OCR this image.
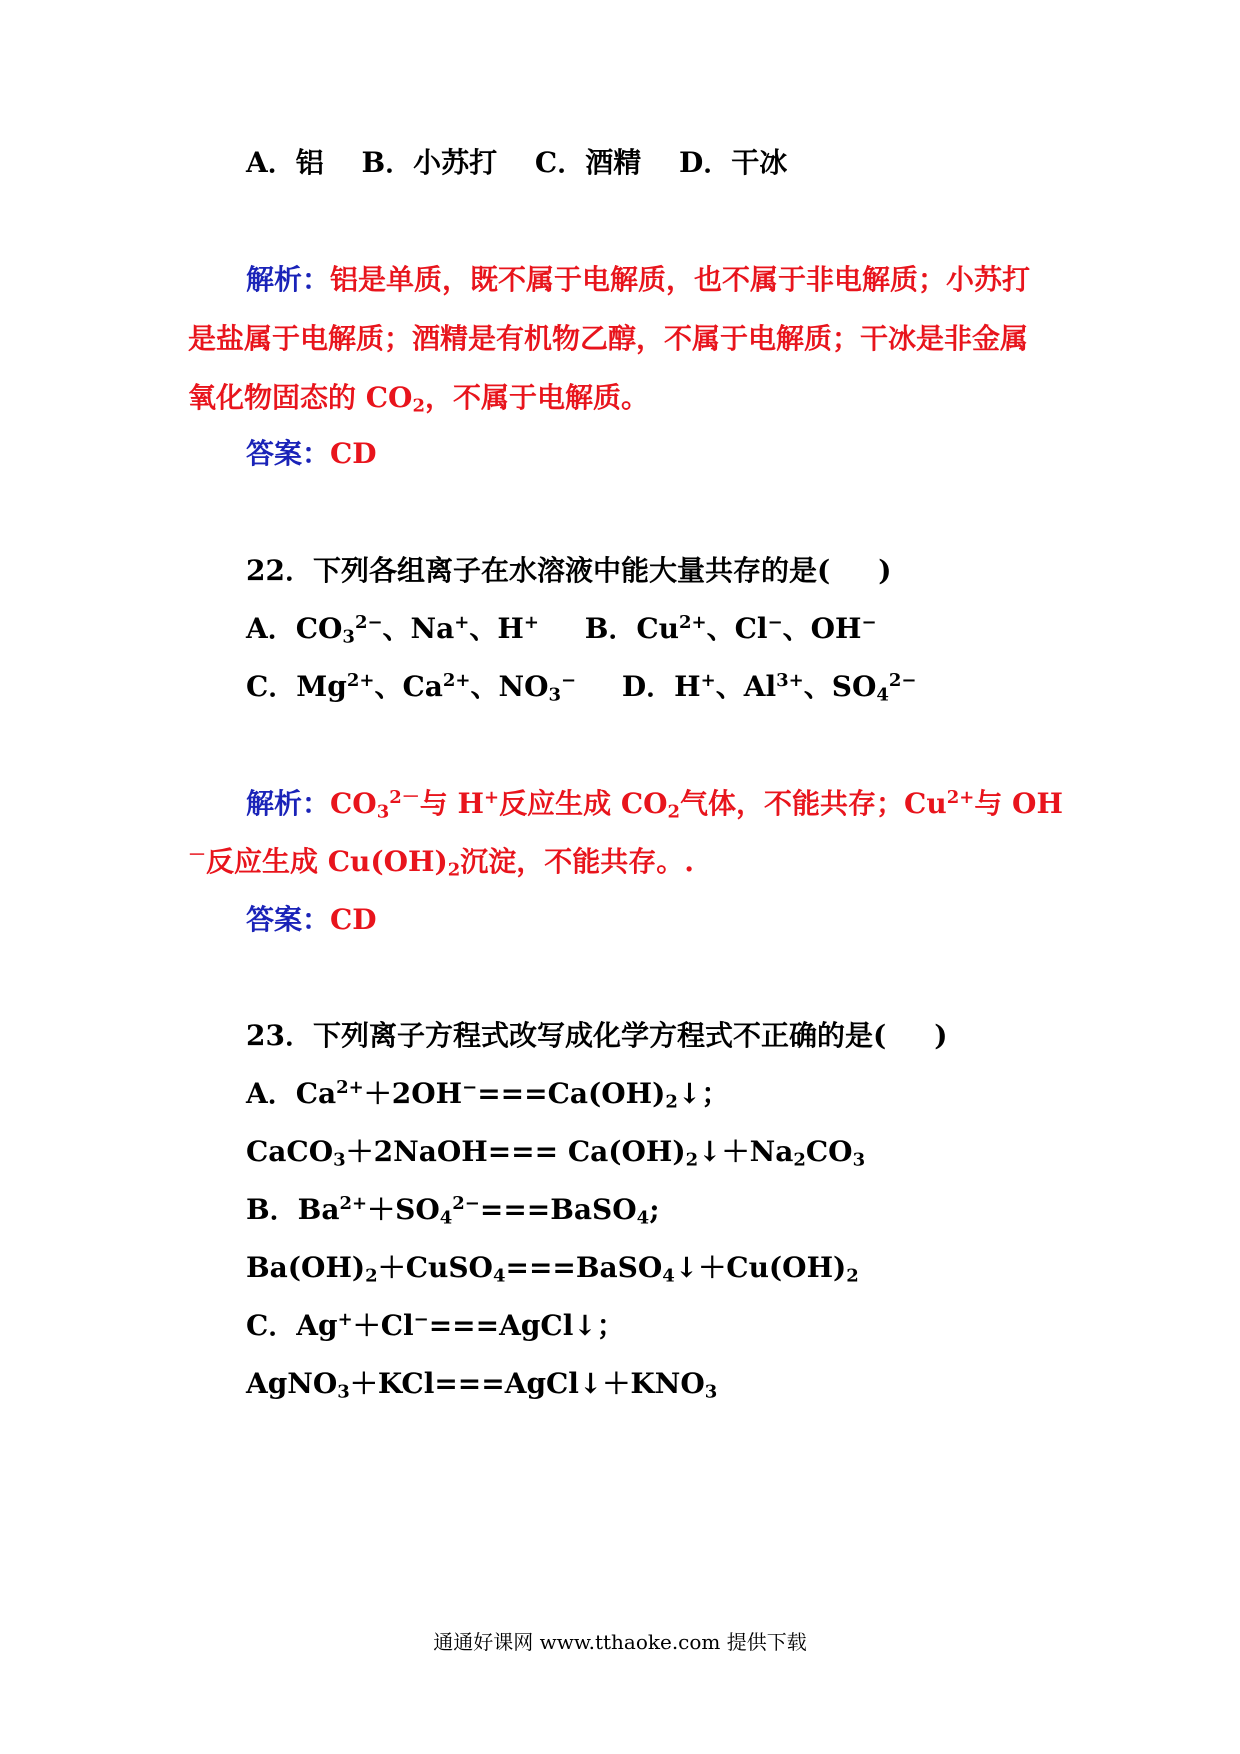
A．铝 B．小苏打 C．酒精 D．干冰
解析：铝是单质，既不属于电解质，也不属于非电解质；小苏打
是盐属于电解质；酒精是有机物乙醇，不属于电解质；干冰是非金属
氧化物固态的 $CO_2$，不属于电解质。
答案：CD
22．下列各组离子在水溶液中能大量共存的是( )
A．$CO_3^{2-}$、Na+、H+ B．$Cu^{2+}$、Cl−、OH−
C．$Mg^{2+}$、$Ca^{2+}$、$NO_3^-$ D．H+、$Al^{3+}$、$SO_4^{2-}$
解析：$CO_3^{2-}$与 H+反应生成 $CO_2$气体，不能共存；$Cu^{2+}$与 OH
－反应生成 $Cu(OH)_2$沉淀，不能共存。.
答案：CD
23．下列离子方程式改写成化学方程式不正确的是( )
A．$Ca^{2+}+2OH^-===Ca(OH)_2↓$；
CaCO$_3$＋2NaOH=== $Ca(OH)_2↓+Na_2CO_3$
B．$Ba^{2+}+SO_4^{2-}===BaSO_4$;
$Ba(OH)_2+CuSO_4===BaSO_4↓+Cu(OH)_2$
C．Ag+＋Cl−===AgCl↓；
$AgNO_3+KCl===AgCl↓+KNO_3$
通通好课网 www.tthaoke.com 提供下载
